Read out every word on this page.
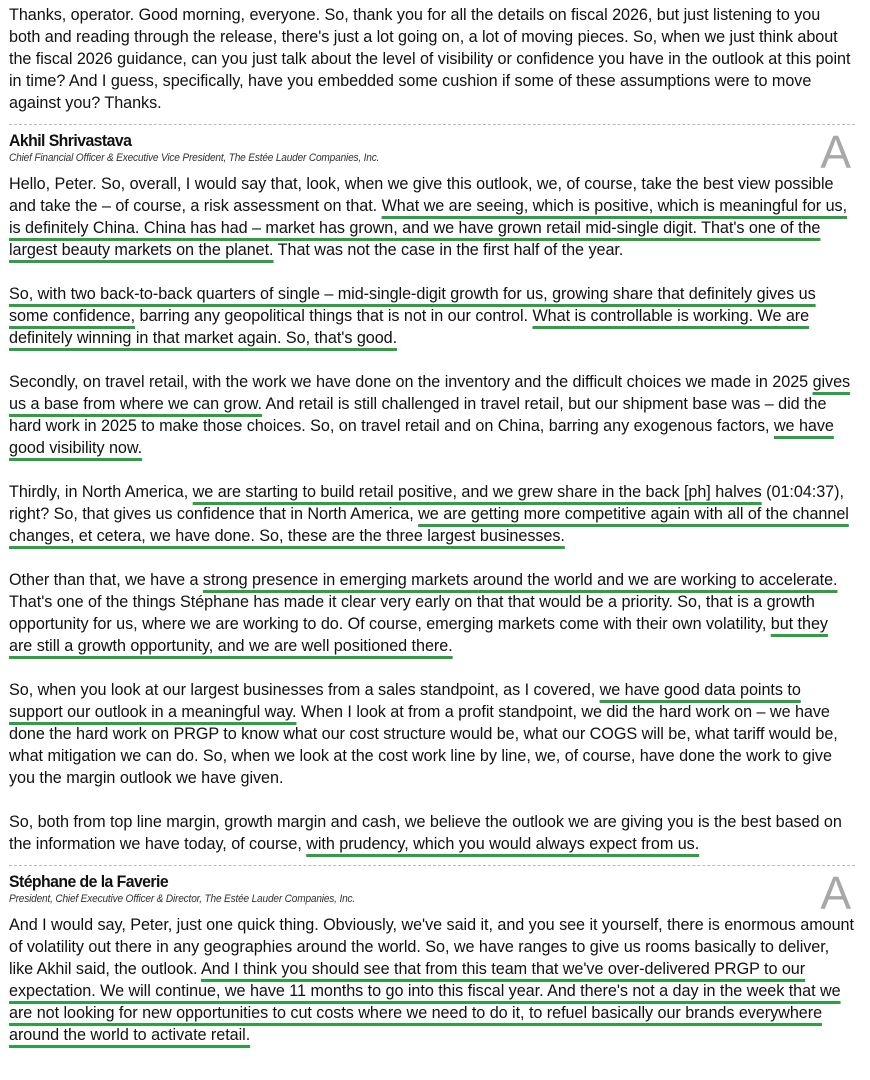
Thanks, operator. Good morning, everyone. So, thank you for all the details on fiscal 2026, but just listening to you both and reading through the release, there's just a lot going on, a lot of moving pieces. So, when we just think about the fiscal 2026 guidance, can you just talk about the level of visibility or confidence you have in the outlook at this point in time? And I guess, specifically, have you embedded some cushion if some of these assumptions were to move against you? Thanks.

Akhil Shrivastava
Chief Financial Officer & Executive Vice President, The Estée Lauder Companies, Inc.	A

Hello, Peter. So, overall, I would say that, look, when we give this outlook, we, of course, take the best view possible and take the – of course, a risk assessment on that. What we are seeing, which is positive, which is meaningful for us, is definitely China. China has had – market has grown, and we have grown retail mid-single digit. That's one of the largest beauty markets on the planet. That was not the case in the first half of the year.

So, with two back-to-back quarters of single – mid-single-digit growth for us, growing share that definitely gives us some confidence, barring any geopolitical things that is not in our control. What is controllable is working. We are definitely winning in that market again. So, that's good.

Secondly, on travel retail, with the work we have done on the inventory and the difficult choices we made in 2025 gives us a base from where we can grow. And retail is still challenged in travel retail, but our shipment base was – did the hard work in 2025 to make those choices. So, on travel retail and on China, barring any exogenous factors, we have good visibility now.

Thirdly, in North America, we are starting to build retail positive, and we grew share in the back [ph] halves (01:04:37), right? So, that gives us confidence that in North America, we are getting more competitive again with all of the channel changes, et cetera, we have done. So, these are the three largest businesses.

Other than that, we have a strong presence in emerging markets around the world and we are working to accelerate. That's one of the things Stéphane has made it clear very early on that that would be a priority. So, that is a growth opportunity for us, where we are working to do. Of course, emerging markets come with their own volatility, but they are still a growth opportunity, and we are well positioned there.

So, when you look at our largest businesses from a sales standpoint, as I covered, we have good data points to support our outlook in a meaningful way. When I look at from a profit standpoint, we did the hard work on – we have done the hard work on PRGP to know what our cost structure would be, what our COGS will be, what tariff would be, what mitigation we can do. So, when we look at the cost work line by line, we, of course, have done the work to give you the margin outlook we have given.

So, both from top line margin, growth margin and cash, we believe the outlook we are giving you is the best based on the information we have today, of course, with prudency, which you would always expect from us.

Stéphane de la Faverie
President, Chief Executive Officer & Director, The Estée Lauder Companies, Inc.	A

And I would say, Peter, just one quick thing. Obviously, we've said it, and you see it yourself, there is enormous amount of volatility out there in any geographies around the world. So, we have ranges to give us rooms basically to deliver, like Akhil said, the outlook. And I think you should see that from this team that we've over-delivered PRGP to our expectation. We will continue, we have 11 months to go into this fiscal year. And there's not a day in the week that we are not looking for new opportunities to cut costs where we need to do it, to refuel basically our brands everywhere around the world to activate retail.
